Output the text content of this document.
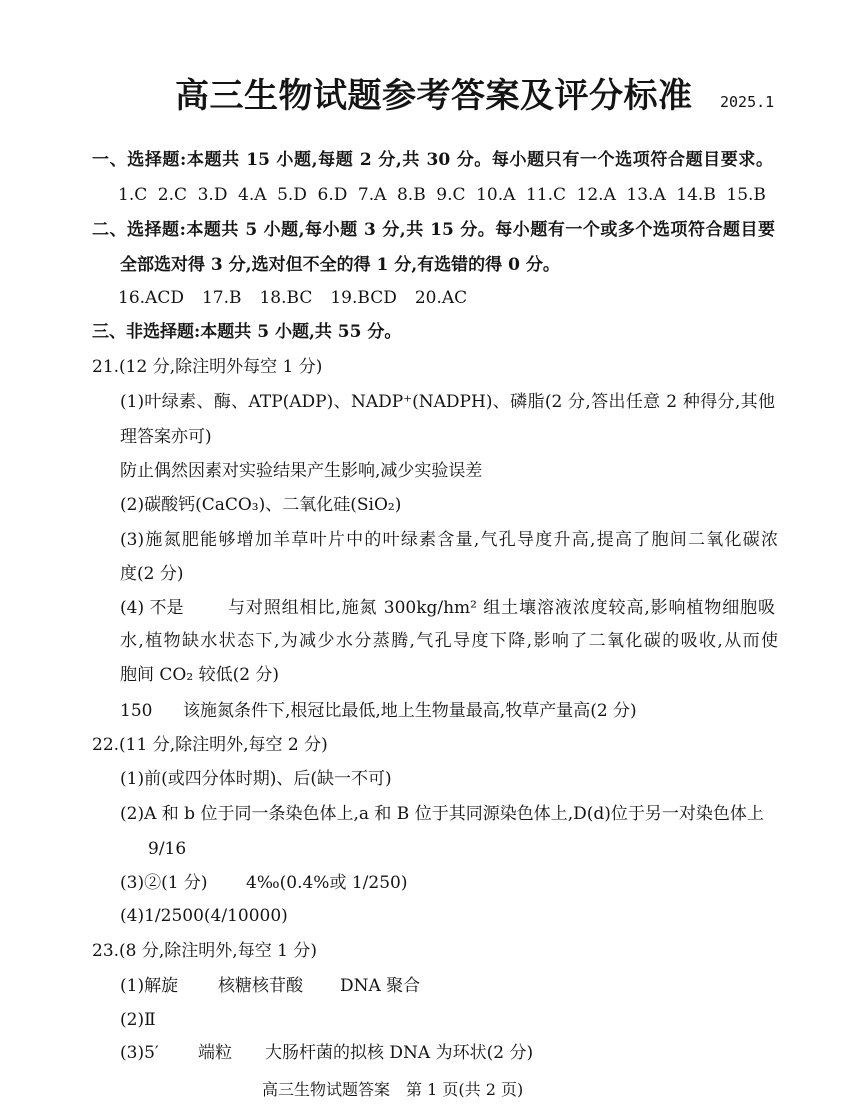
高三生物试题参考答案及评分标准 2025.1
一、选择题:本题共 15 小题,每题 2 分,共 30 分。每小题只有一个选项符合题目要求。
1.C 2.C 3.D 4.A 5.D 6.D 7.A 8.B 9.C 10.A 11.C 12.A 13.A 14.B 15.B
二、选择题:本题共 5 小题,每小题 3 分,共 15 分。每小题有一个或多个选项符合题目要
全部选对得 3 分,选对但不全的得 1 分,有选错的得 0 分。
16.ACD 17.B 18.BC 19.BCD 20.AC
三、非选择题:本题共 5 小题,共 55 分。
21.(12 分,除注明外每空 1 分)
(1)叶绿素、酶、ATP(ADP)、NADP⁺(NADPH)、磷脂(2 分,答出任意 2 种得分,其他
理答案亦可)
防止偶然因素对实验结果产生影响,减少实验误差
(2)碳酸钙(CaCO₃)、二氧化硅(SiO₂)
(3)施氮肥能够增加羊草叶片中的叶绿素含量,气孔导度升高,提高了胞间二氧化碳浓
度(2 分)
(4) 不是	与对照组相比,施氮 300kg/hm² 组土壤溶液浓度较高,影响植物细胞吸
水,植物缺水状态下,为减少水分蒸腾,气孔导度下降,影响了二氧化碳的吸收,从而使
胞间 CO₂ 较低(2 分)
150 该施氮条件下,根冠比最低,地上生物量最高,牧草产量高(2 分)
22.(11 分,除注明外,每空 2 分)
(1)前(或四分体时期)、后(缺一不可)
(2)A 和 b 位于同一条染色体上,a 和 B 位于其同源染色体上,D(d)位于另一对染色体上
9/16
(3)②(1 分) 4‰(0.4%或 1/250)
(4)1/2500(4/10000)
23.(8 分,除注明外,每空 1 分)
(1)解旋 核糖核苷酸 DNA 聚合
(2)Ⅱ
(3)5′ 端粒 大肠杆菌的拟核 DNA 为环状(2 分)
高三生物试题答案 第 1 页(共 2 页)
